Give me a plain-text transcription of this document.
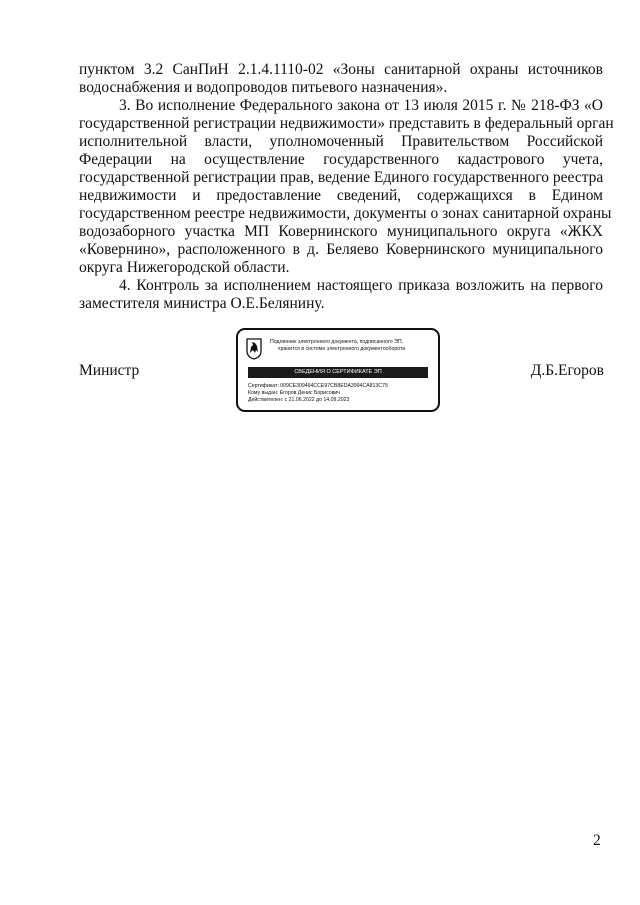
пунктом 3.2 СанПиН 2.1.4.1110-02 «Зоны санитарной охраны источников
водоснабжения и водопроводов питьевого назначения».
3. Во исполнение Федерального закона от 13 июля 2015 г. № 218-ФЗ «О
государственной регистрации недвижимости» представить в федеральный орган
исполнительной власти, уполномоченный Правительством Российской
Федерации на осуществление государственного кадастрового учета,
государственной регистрации прав, ведение Единого государственного реестра
недвижимости и предоставление сведений, содержащихся в Едином
государственном реестре недвижимости, документы о зонах санитарной охраны
водозаборного участка МП Ковернинского муниципального округа «ЖКХ
«Ковернино», расположенного в д. Беляево Ковернинского муниципального
округа Нижегородской области.
4. Контроль за исполнением настоящего приказа возложить на первого
заместителя министра О.Е.Белянину.
Министр	Д.Б.Егоров
Подлинник электронного документа, подписанного ЭП,
хранится в системе электронного документооборота
СВЕДЕНИЯ О СЕРТИФИКАТЕ ЭП
Сертификат: 009CE309464CCE97CB8EDA3994CA813C75
Кому выдан: Егоров Денис Борисович
Действителен: с 21.06.2022 до 14.09.2023
2
